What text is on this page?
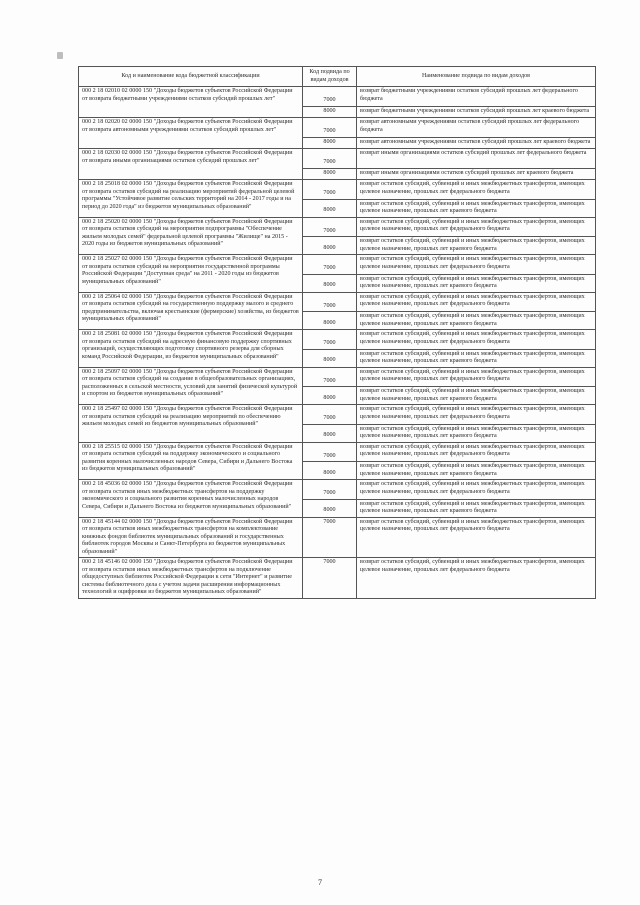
Код и наименование кода бюджетной классификации	Код подвида по видам доходов	Наименование подвида по видам доходов
000 2 18 02010 02 0000 150 "Доходы бюджетов субъектов Российской Федерации от возврата бюджетными учреждениями остатков субсидий прошлых лет"	7000	возврат бюджетными учреждениями остатков субсидий прошлых лет федерального бюджета
	8000	возврат бюджетными учреждениями остатков субсидий прошлых лет краевого бюджета
000 2 18 02020 02 0000 150 "Доходы бюджетов субъектов Российской Федерации от возврата автономными учреждениями остатков субсидий прошлых лет"	7000	возврат автономными учреждениями остатков субсидий прошлых лет федерального бюджета
	8000	возврат автономными учреждениями остатков субсидий прошлых лет краевого бюджета
000 2 18 02030 02 0000 150 "Доходы бюджетов субъектов Российской Федерации от возврата иными организациями остатков субсидий прошлых лет"	7000	возврат иными организациями остатков субсидий прошлых лет федерального бюджета
	8000	возврат иными организациями остатков субсидий прошлых лет краевого бюджета
000 2 18 25018 02 0000 150 "Доходы бюджетов субъектов Российской Федерации от возврата остатков субсидий на реализацию мероприятий федеральной целевой программы "Устойчивое развитие сельских территорий на 2014 - 2017 годы и на период до 2020 года" из бюджетов муниципальных образований"	7000	возврат остатков субсидий, субвенций и иных межбюджетных трансфертов, имеющих целевое назначение, прошлых лет федерального бюджета
	8000	возврат остатков субсидий, субвенций и иных межбюджетных трансфертов, имеющих целевое назначение, прошлых лет краевого бюджета
000 2 18 25020 02 0000 150 "Доходы бюджетов субъектов Российской Федерации от возврата остатков субсидий на мероприятия подпрограммы "Обеспечение жильем молодых семей" федеральной целевой программы "Жилище" на 2015 - 2020 годы из бюджетов муниципальных образований"	7000	возврат остатков субсидий, субвенций и иных межбюджетных трансфертов, имеющих целевое назначение, прошлых лет федерального бюджета
	8000	возврат остатков субсидий, субвенций и иных межбюджетных трансфертов, имеющих целевое назначение, прошлых лет краевого бюджета
000 2 18 25027 02 0000 150 "Доходы бюджетов субъектов Российской Федерации от возврата остатков субсидий на мероприятия государственной программы Российской Федерации "Доступная среда" на 2011 - 2020 годы из бюджетов муниципальных образований"	7000	возврат остатков субсидий, субвенций и иных межбюджетных трансфертов, имеющих целевое назначение, прошлых лет федерального бюджета
	8000	возврат остатков субсидий, субвенций и иных межбюджетных трансфертов, имеющих целевое назначение, прошлых лет краевого бюджета
000 2 18 25064 02 0000 150 "Доходы бюджетов субъектов Российской Федерации от возврата остатков субсидий на государственную поддержку малого и среднего предпринимательства, включая крестьянские (фермерские) хозяйства, из бюджетов муниципальных образований"	7000	возврат остатков субсидий, субвенций и иных межбюджетных трансфертов, имеющих целевое назначение, прошлых лет федерального бюджета
	8000	возврат остатков субсидий, субвенций и иных межбюджетных трансфертов, имеющих целевое назначение, прошлых лет краевого бюджета
000 2 18 25081 02 0000 150 "Доходы бюджетов субъектов Российской Федерации от возврата остатков субсидий на адресную финансовую поддержку спортивных организаций, осуществляющих подготовку спортивного резерва для сборных команд Российской Федерации, из бюджетов муниципальных образований"	7000	возврат остатков субсидий, субвенций и иных межбюджетных трансфертов, имеющих целевое назначение, прошлых лет федерального бюджета
	8000	возврат остатков субсидий, субвенций и иных межбюджетных трансфертов, имеющих целевое назначение, прошлых лет краевого бюджета
000 2 18 25097 02 0000 150 "Доходы бюджетов субъектов Российской Федерации от возврата остатков субсидий на создание в общеобразовательных организациях, расположенных в сельской местности, условий для занятий физической культурой и спортом из бюджетов муниципальных образований"	7000	возврат остатков субсидий, субвенций и иных межбюджетных трансфертов, имеющих целевое назначение, прошлых лет федерального бюджета
	8000	возврат остатков субсидий, субвенций и иных межбюджетных трансфертов, имеющих целевое назначение, прошлых лет краевого бюджета
000 2 18 25497 02 0000 150 "Доходы бюджетов субъектов Российской Федерации от возврата остатков субсидий на реализацию мероприятий по обеспечению жильем молодых семей из бюджетов муниципальных образований"	7000	возврат остатков субсидий, субвенций и иных межбюджетных трансфертов, имеющих целевое назначение, прошлых лет федерального бюджета
	8000	возврат остатков субсидий, субвенций и иных межбюджетных трансфертов, имеющих целевое назначение, прошлых лет краевого бюджета
000 2 18 25515 02 0000 150 "Доходы бюджетов субъектов Российской Федерации от возврата остатков субсидий на поддержку экономического и социального развития коренных малочисленных народов Севера, Сибири и Дальнего Востока из бюджетов муниципальных образований"	7000	возврат остатков субсидий, субвенций и иных межбюджетных трансфертов, имеющих целевое назначение, прошлых лет федерального бюджета
	8000	возврат остатков субсидий, субвенций и иных межбюджетных трансфертов, имеющих целевое назначение, прошлых лет краевого бюджета
000 2 18 45036 02 0000 150 "Доходы бюджетов субъектов Российской Федерации от возврата остатков иных межбюджетных трансфертов на поддержку экономического и социального развития коренных малочисленных народов Севера, Сибири и Дальнего Востока из бюджетов муниципальных образований"	7000	возврат остатков субсидий, субвенций и иных межбюджетных трансфертов, имеющих целевое назначение, прошлых лет федерального бюджета
	8000	возврат остатков субсидий, субвенций и иных межбюджетных трансфертов, имеющих целевое назначение, прошлых лет краевого бюджета
000 2 18 45144 02 0000 150 "Доходы бюджетов субъектов Российской Федерации от возврата остатков иных межбюджетных трансфертов на комплектование книжных фондов библиотек муниципальных образований и государственных библиотек городов Москвы и Санкт-Петербурга из бюджетов муниципальных образований"	7000	возврат остатков субсидий, субвенций и иных межбюджетных трансфертов, имеющих целевое назначение, прошлых лет федерального бюджета
000 2 18 45146 02 0000 150 "Доходы бюджетов субъектов Российской Федерации от возврата остатков иных межбюджетных трансфертов на подключение общедоступных библиотек Российской Федерации к сети "Интернет" и развитие системы библиотечного дела с учетом задачи расширения информационных технологий и оцифровки из бюджетов муниципальных образований"	7000	возврат остатков субсидий, субвенций и иных межбюджетных трансфертов, имеющих целевое назначение, прошлых лет федерального бюджета
7
